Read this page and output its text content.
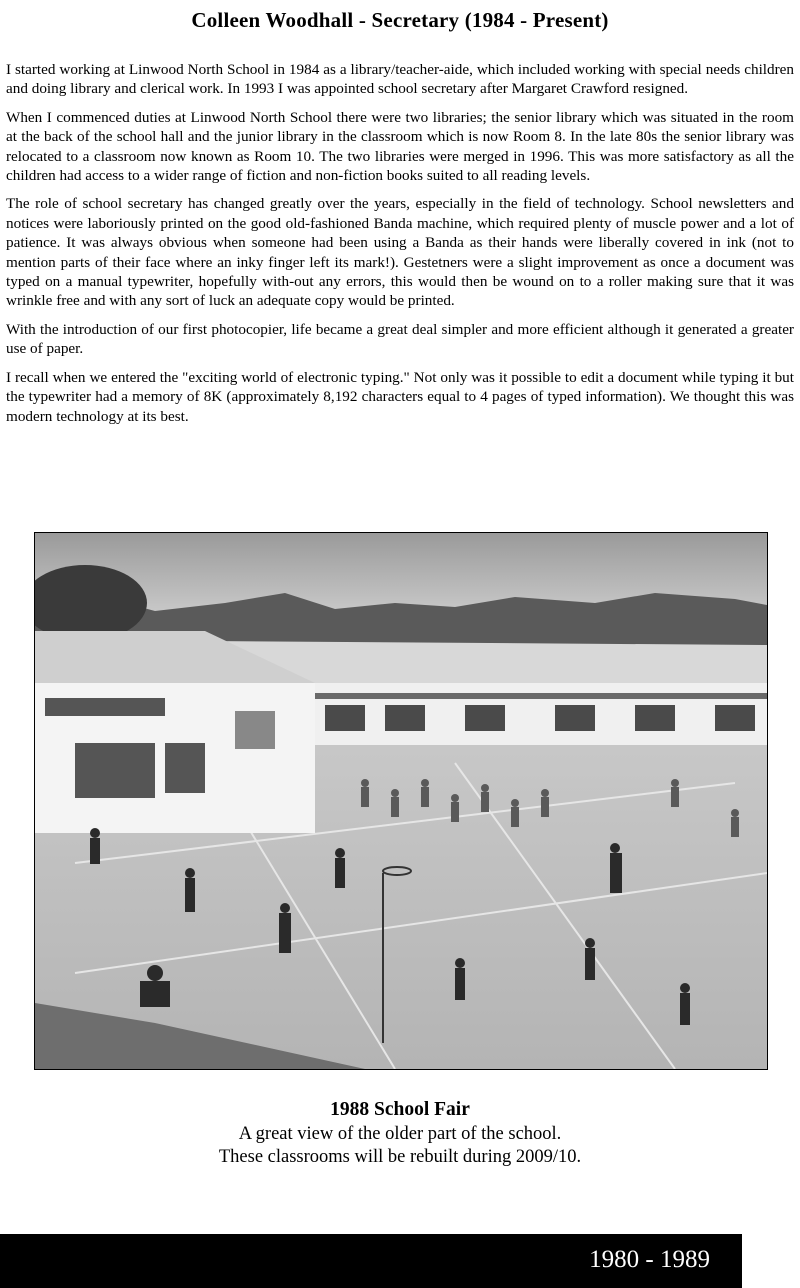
Colleen Woodhall - Secretary (1984 - Present)

I started working at Linwood North School in 1984 as a library/teacher-aide, which included working with special needs children and doing library and clerical work. In 1993 I was appointed school secretary after Margaret Crawford resigned.

When I commenced duties at Linwood North School there were two libraries; the senior library which was situated in the room at the back of the school hall and the junior library in the classroom which is now Room 8. In the late 80s the senior library was relocated to a classroom now known as Room 10. The two libraries were merged in 1996. This was more satisfactory as all the children had access to a wider range of fiction and non-fiction books suited to all reading levels.

The role of school secretary has changed greatly over the years, especially in the field of technology. School newsletters and notices were laboriously printed on the good old-fashioned Banda machine, which required plenty of muscle power and a lot of patience. It was always obvious when someone had been using a Banda as their hands were liberally covered in ink (not to mention parts of their face where an inky finger left its mark!). Gestetners were a slight improvement as once a document was typed on a manual typewriter, hopefully with-out any errors, this would then be wound on to a roller making sure that it was wrinkle free and with any sort of luck an adequate copy would be printed.

With the introduction of our first photocopier, life became a great deal simpler and more efficient although it generated a greater use of paper.

I recall when we entered the "exciting world of electronic typing." Not only was it possible to edit a document while typing it but the typewriter had a memory of 8K (approximately 8,192 characters equal to 4 pages of typed information). We thought this was modern technology at its best.

1988 School Fair
A great view of the older part of the school.
These classrooms will be rebuilt during 2009/10.
1980 - 1989
